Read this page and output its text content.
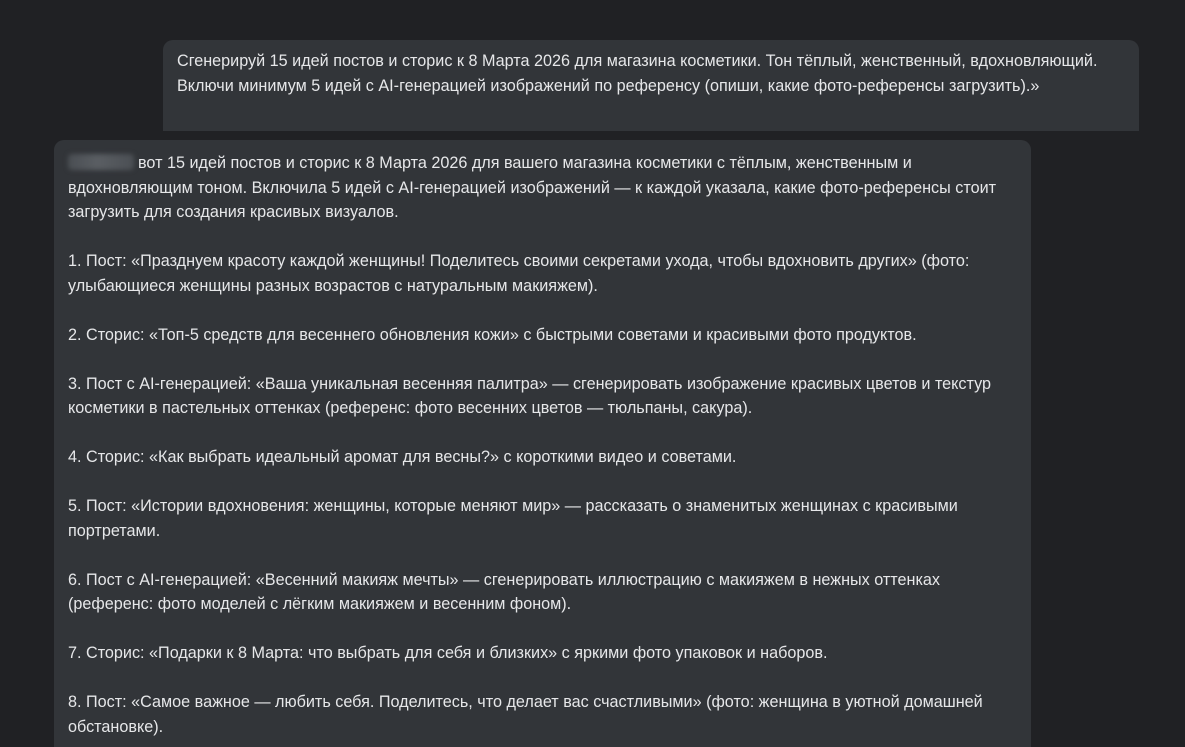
Сгенерируй 15 идей постов и сторис к 8 Марта 2026 для магазина косметики. Тон тёплый, женственный, вдохновляющий. Включи минимум 5 идей с AI-генерацией изображений по референсу (опиши, какие фото-референсы загрузить).»
вот 15 идей постов и сторис к 8 Марта 2026 для вашего магазина косметики с тёплым, женственным и вдохновляющим тоном. Включила 5 идей с AI-генерацией изображений — к каждой указала, какие фото-референсы стоит загрузить для создания красивых визуалов.
1. Пост: «Празднуем красоту каждой женщины! Поделитесь своими секретами ухода, чтобы вдохновить других» (фото: улыбающиеся женщины разных возрастов с натуральным макияжем).
2. Сторис: «Топ-5 средств для весеннего обновления кожи» с быстрыми советами и красивыми фото продуктов.
3. Пост с AI-генерацией: «Ваша уникальная весенняя палитра» — сгенерировать изображение красивых цветов и текстур косметики в пастельных оттенках (референс: фото весенних цветов — тюльпаны, сакура).
4. Сторис: «Как выбрать идеальный аромат для весны?» с короткими видео и советами.
5. Пост: «Истории вдохновения: женщины, которые меняют мир» — рассказать о знаменитых женщинах с красивыми портретами.
6. Пост с AI-генерацией: «Весенний макияж мечты» — сгенерировать иллюстрацию с макияжем в нежных оттенках (референс: фото моделей с лёгким макияжем и весенним фоном).
7. Сторис: «Подарки к 8 Марта: что выбрать для себя и близких» с яркими фото упаковок и наборов.
8. Пост: «Самое важное — любить себя. Поделитесь, что делает вас счастливыми» (фото: женщина в уютной домашней обстановке).
